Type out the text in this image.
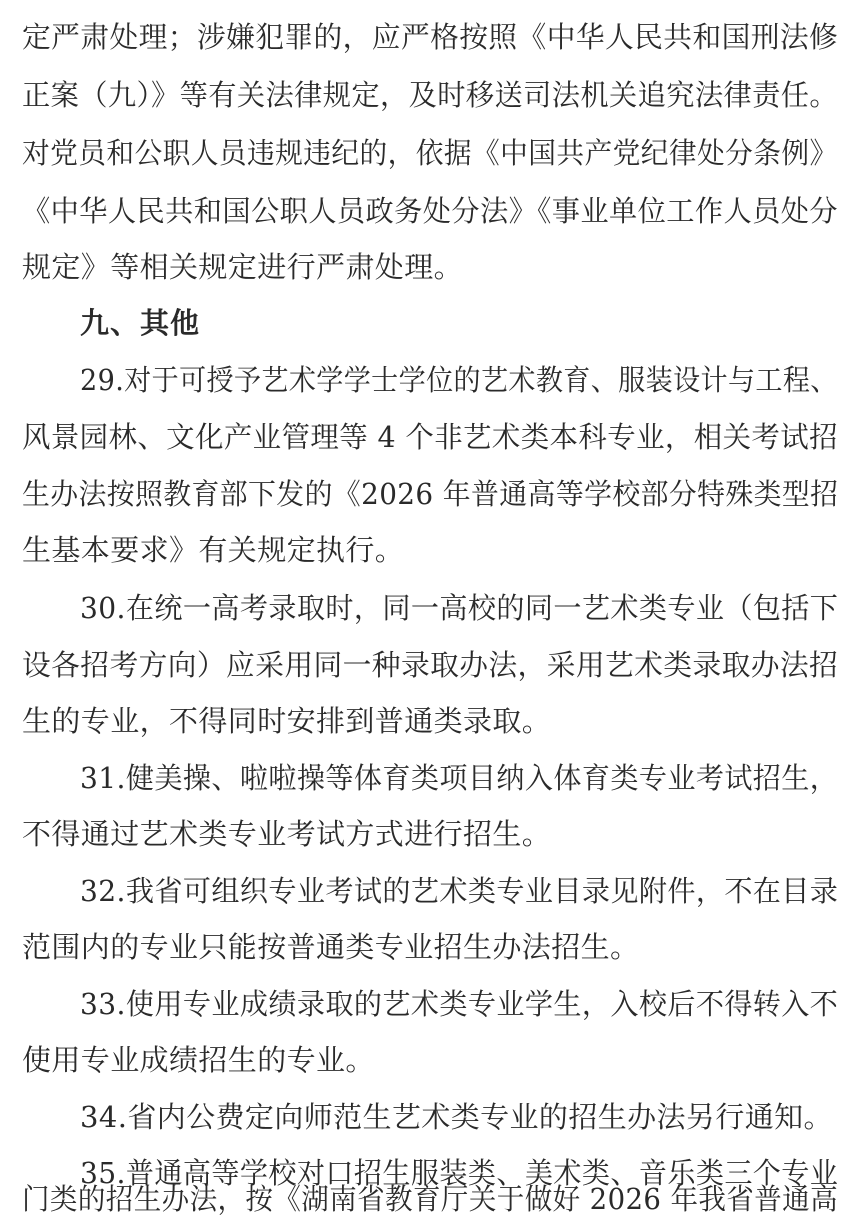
定严肃处理；涉嫌犯罪的，应严格按照《中华人民共和国刑法修
正案（九）》等有关法律规定，及时移送司法机关追究法律责任。
对党员和公职人员违规违纪的，依据《中国共产党纪律处分条例》
《中华人民共和国公职人员政务处分法》《事业单位工作人员处分
规定》等相关规定进行严肃处理。
九、其他
29.对于可授予艺术学学士学位的艺术教育、服装设计与工程、
风景园林、文化产业管理等 4 个非艺术类本科专业，相关考试招
生办法按照教育部下发的《2026 年普通高等学校部分特殊类型招
生基本要求》有关规定执行。
30.在统一高考录取时，同一高校的同一艺术类专业（包括下
设各招考方向）应采用同一种录取办法，采用艺术类录取办法招
生的专业，不得同时安排到普通类录取。
31.健美操、啦啦操等体育类项目纳入体育类专业考试招生，
不得通过艺术类专业考试方式进行招生。
32.我省可组织专业考试的艺术类专业目录见附件，不在目录
范围内的专业只能按普通类专业招生办法招生。
33.使用专业成绩录取的艺术类专业学生，入校后不得转入不
使用专业成绩招生的专业。
34.省内公费定向师范生艺术类专业的招生办法另行通知。
35.普通高等学校对口招生服装类、美术类、音乐类三个专业
门类的招生办法，按《湖南省教育厅关于做好 2026 年我省普通高
